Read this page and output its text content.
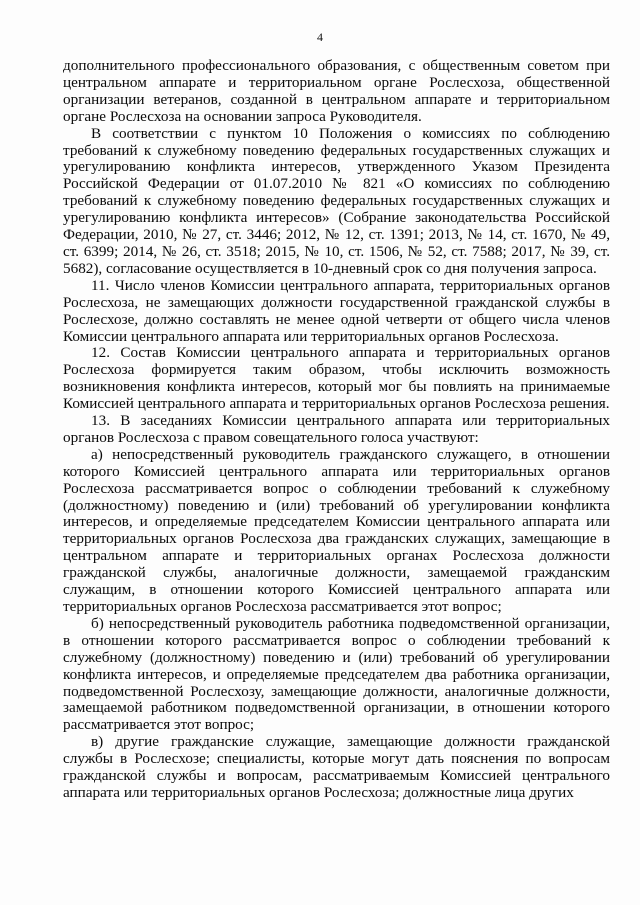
4

дополнительного профессионального образования, с общественным советом при центральном аппарате и территориальном органе Рослесхоза, общественной организации ветеранов, созданной в центральном аппарате и территориальном органе Рослесхоза на основании запроса Руководителя.

В соответствии с пунктом 10 Положения о комиссиях по соблюдению требований к служебному поведению федеральных государственных служащих и урегулированию конфликта интересов, утвержденного Указом Президента Российской Федерации от 01.07.2010 № 821 «О комиссиях по соблюдению требований к служебному поведению федеральных государственных служащих и урегулированию конфликта интересов» (Собрание законодательства Российской Федерации, 2010, № 27, ст. 3446; 2012, № 12, ст. 1391; 2013, № 14, ст. 1670, № 49, ст. 6399; 2014, № 26, ст. 3518; 2015, № 10, ст. 1506, № 52, ст. 7588; 2017, № 39, ст. 5682), согласование осуществляется в 10-дневный срок со дня получения запроса.

11. Число членов Комиссии центрального аппарата, территориальных органов Рослесхоза, не замещающих должности государственной гражданской службы в Рослесхозе, должно составлять не менее одной четверти от общего числа членов Комиссии центрального аппарата или территориальных органов Рослесхоза.

12. Состав Комиссии центрального аппарата и территориальных органов Рослесхоза формируется таким образом, чтобы исключить возможность возникновения конфликта интересов, который мог бы повлиять на принимаемые Комиссией центрального аппарата и территориальных органов Рослесхоза решения.

13. В заседаниях Комиссии центрального аппарата или территориальных органов Рослесхоза с правом совещательного голоса участвуют:

а) непосредственный руководитель гражданского служащего, в отношении которого Комиссией центрального аппарата или территориальных органов Рослесхоза рассматривается вопрос о соблюдении требований к служебному (должностному) поведению и (или) требований об урегулировании конфликта интересов, и определяемые председателем Комиссии центрального аппарата или территориальных органов Рослесхоза два гражданских служащих, замещающие в центральном аппарате и территориальных органах Рослесхоза должности гражданской службы, аналогичные должности, замещаемой гражданским служащим, в отношении которого Комиссией центрального аппарата или территориальных органов Рослесхоза рассматривается этот вопрос;

б) непосредственный руководитель работника подведомственной организации, в отношении которого рассматривается вопрос о соблюдении требований к служебному (должностному) поведению и (или) требований об урегулировании конфликта интересов, и определяемые председателем два работника организации, подведомственной Рослесхозу, замещающие должности, аналогичные должности, замещаемой работником подведомственной организации, в отношении которого рассматривается этот вопрос;

в) другие гражданские служащие, замещающие должности гражданской службы в Рослесхозе; специалисты, которые могут дать пояснения по вопросам гражданской службы и вопросам, рассматриваемым Комиссией центрального аппарата или территориальных органов Рослесхоза; должностные лица других
